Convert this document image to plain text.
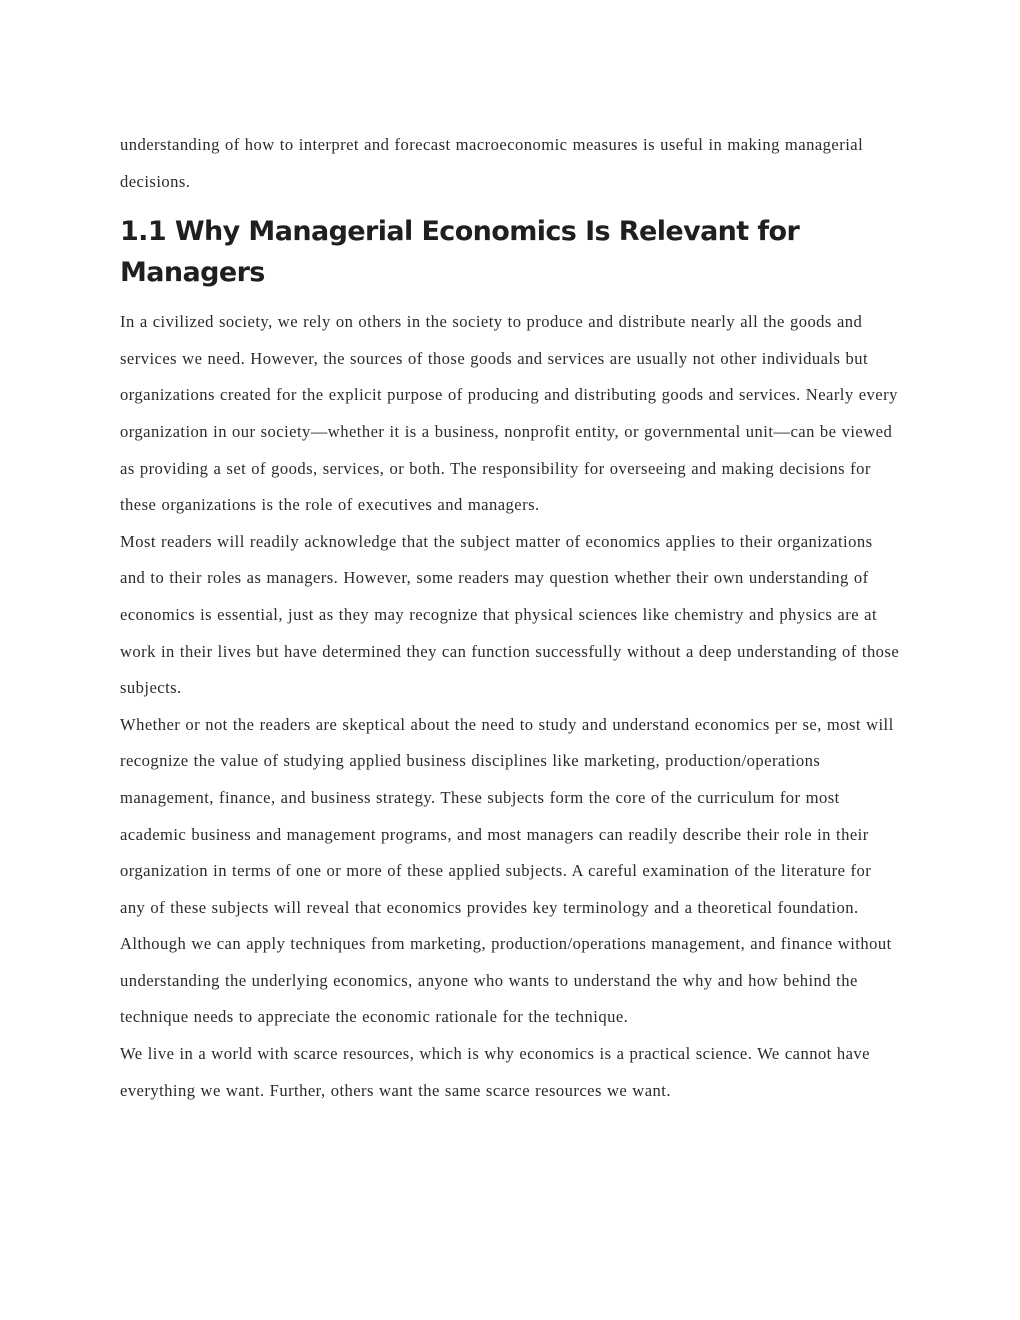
understanding of how to interpret and forecast macroeconomic measures is useful in making managerial decisions.

1.1 Why Managerial Economics Is Relevant for Managers

In a civilized society, we rely on others in the society to produce and distribute nearly all the goods and services we need. However, the sources of those goods and services are usually not other individuals but organizations created for the explicit purpose of producing and distributing goods and services. Nearly every organization in our society—whether it is a business, nonprofit entity, or governmental unit—can be viewed as providing a set of goods, services, or both. The responsibility for overseeing and making decisions for these organizations is the role of executives and managers.

Most readers will readily acknowledge that the subject matter of economics applies to their organizations and to their roles as managers. However, some readers may question whether their own understanding of economics is essential, just as they may recognize that physical sciences like chemistry and physics are at work in their lives but have determined they can function successfully without a deep understanding of those subjects.

Whether or not the readers are skeptical about the need to study and understand economics per se, most will recognize the value of studying applied business disciplines like marketing, production/operations management, finance, and business strategy. These subjects form the core of the curriculum for most academic business and management programs, and most managers can readily describe their role in their organization in terms of one or more of these applied subjects. A careful examination of the literature for any of these subjects will reveal that economics provides key terminology and a theoretical foundation. Although we can apply techniques from marketing, production/operations management, and finance without understanding the underlying economics, anyone who wants to understand the why and how behind the technique needs to appreciate the economic rationale for the technique.

We live in a world with scarce resources, which is why economics is a practical science. We cannot have everything we want. Further, others want the same scarce resources we want.
